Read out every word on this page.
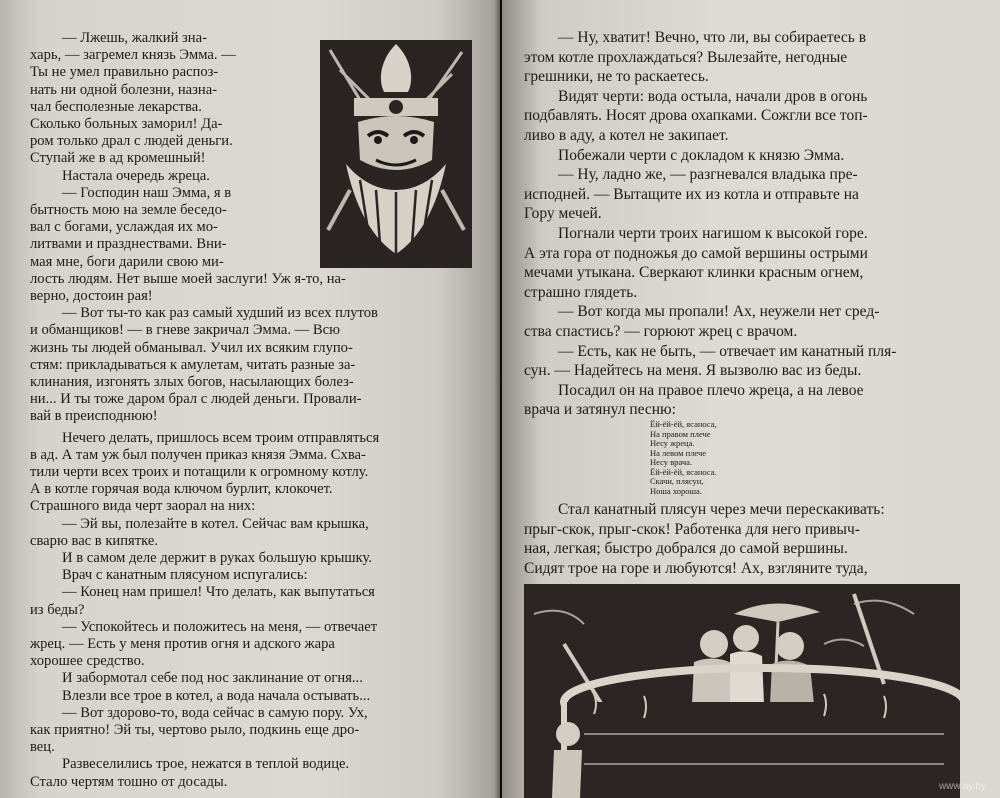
— Лжешь, жалкий зна-
харь, — загремел князь Эмма. —
Ты не умел правильно распоз-
нать ни одной болезни, назна-
чал бесполезные лекарства.
Сколько больных заморил! Да-
ром только драл с людей деньги.
Ступай же в ад кромешный!
Настала очередь жреца.
— Господин наш Эмма, я в
бытность мою на земле беседо-
вал с богами, услаждая их мо-
литвами и празднествами. Вни-
мая мне, боги дарили свою ми-
лость людям. Нет выше моей заслуги! Уж я-то, на-
верно, достоин рая!
— Вот ты-то как раз самый худший из всех плутов
и обманщиков! — в гневе закричал Эмма. — Всю
жизнь ты людей обманывал. Учил их всяким глупо-
стям: прикладываться к амулетам, читать разные за-
клинания, изгонять злых богов, насылающих болез-
ни... И ты тоже даром брал с людей деньги. Провали-
вай в преисподнюю!
Нечего делать, пришлось всем троим отправляться
в ад. А там уж был получен приказ князя Эмма. Схва-
тили черти всех троих и потащили к огромному котлу.
А в котле горячая вода ключом бурлит, клокочет.
Страшного вида черт заорал на них:
— Эй вы, полезайте в котел. Сейчас вам крышка,
сварю вас в кипятке.
И в самом деле держит в руках большую крышку.
Врач с канатным плясуном испугались:
— Конец нам пришел! Что делать, как выпутаться
из беды?
— Успокойтесь и положитесь на меня, — отвечает
жрец. — Есть у меня против огня и адского жара
хорошее средство.
И забормотал себе под нос заклинание от огня...
Влезли все трое в котел, а вода начала остывать...
— Вот здорово-то, вода сейчас в самую пору. Ух,
как приятно! Эй ты, чертово рыло, подкинь еще дро-
вец.
Развеселились трое, нежатся в теплой водице.
Стало чертям тошно от досады.
— Ну, хватит! Вечно, что ли, вы собираетесь в
этом котле прохлаждаться? Вылезайте, негодные
грешники, не то раскаетесь.
Видят черти: вода остыла, начали дров в огонь
подбавлять. Носят дрова охапками. Сожгли все топ-
ливо в аду, а котел не закипает.
Побежали черти с докладом к князю Эмма.
— Ну, ладно же, — разгневался владыка пре-
исподней. — Вытащите их из котла и отправьте на
Гору мечей.
Погнали черти троих нагишом к высокой горе.
А эта гора от подножья до самой вершины острыми
мечами утыкана. Сверкают клинки красным огнем,
страшно глядеть.
— Вот когда мы пропали! Ах, неужели нет сред-
ства спастись? — горюют жрец с врачом.
— Есть, как не быть, — отвечает им канатный пля-
сун. — Надейтесь на меня. Я вызволю вас из беды.
Посадил он на правое плечо жреца, а на левое
врача и затянул песню:
Ёй-ёй-ёй, ясаноса,
На правом плече
Несу жреца.
На левом плече
Несу врача.
Ёй-ёй-ёй, ясаноса.
Скачи, плясун,
Ноша хороша.
Стал канатный плясун через мечи перескакивать:
прыг-скок, прыг-скок! Работенка для него привыч-
ная, легкая; быстро добрался до самой вершины.
Сидят трое на горе и любуются! Ах, взгляните туда,
www.ay.by
